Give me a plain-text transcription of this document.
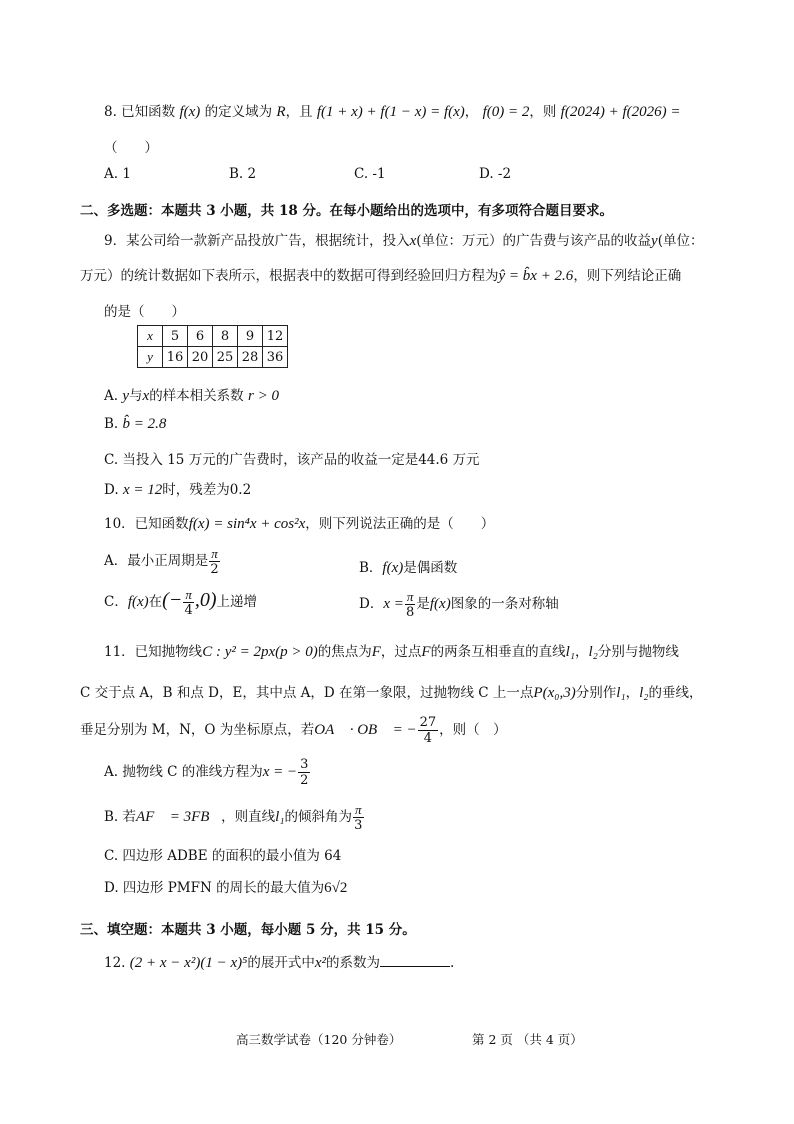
8. 已知函数 f(x) 的定义域为 R，且 f(1 + x) + f(1 − x) = f(x)， f(0) = 2，则 f(2024) + f(2026) =
（　　）
A. 1	B. 2	C. -1	D. -2
二、多选题：本题共 3 小题，共 18 分。在每小题给出的选项中，有多项符合题目要求。
9．某公司给一款新产品投放广告，根据统计，投入x(单位：万元）的广告费与该产品的收益y(单位：
万元）的统计数据如下表所示，根据表中的数据可得到经验回归方程为ŷ = b̂x + 2.6，则下列结论正确
的是（　　）
x	5	6	8	9	12
y	16	20	25	28	36
A. y与x的样本相关系数 r > 0
B. b̂ = 2.8
C. 当投入 15 万元的广告费时，该产品的收益一定是44.6 万元
D. x = 12时，残差为0.2
10．已知函数f(x) = sin⁴x + cos²x，则下列说法正确的是（　　）
A．最小正周期是 $\frac{\pi}{2}$	B．f(x)是偶函数
C．f(x)在(− $\frac{\pi}{4} ,0$)上递增	D．$x = \frac{\pi}{8}$ 是f(x)图象的一条对称轴
11．已知抛物线C : y² = 2px(p > 0)的焦点为F，过点F的两条互相垂直的直线l₁，l₂分别与抛物线
C 交于点 A，B 和点 D，E，其中点 A，D 在第一象限，过抛物线 C 上一点P(x₀,3)分别作l₁，l₂的垂线，
垂足分别为 M，N，O 为坐标原点，若OA⃗ · OB⃗ = − $\frac{27}{4}$ ，则（　）
A. 抛物线 C 的准线方程为x = − $\frac{3}{2}$
B. 若AF⃗ = 3FB⃗，则直线l₁的倾斜角为 $\frac{\pi}{3}$
C. 四边形 ADBE 的面积的最小值为 64
D. 四边形 PMFN 的周长的最大值为6√2
三、填空题：本题共 3 小题，每小题 5 分，共 15 分。
12. (2 + x − x²)(1 − x)⁵的展开式中x²的系数为	.
高三数学试卷（120 分钟卷）	第 2 页 （共 4 页）
